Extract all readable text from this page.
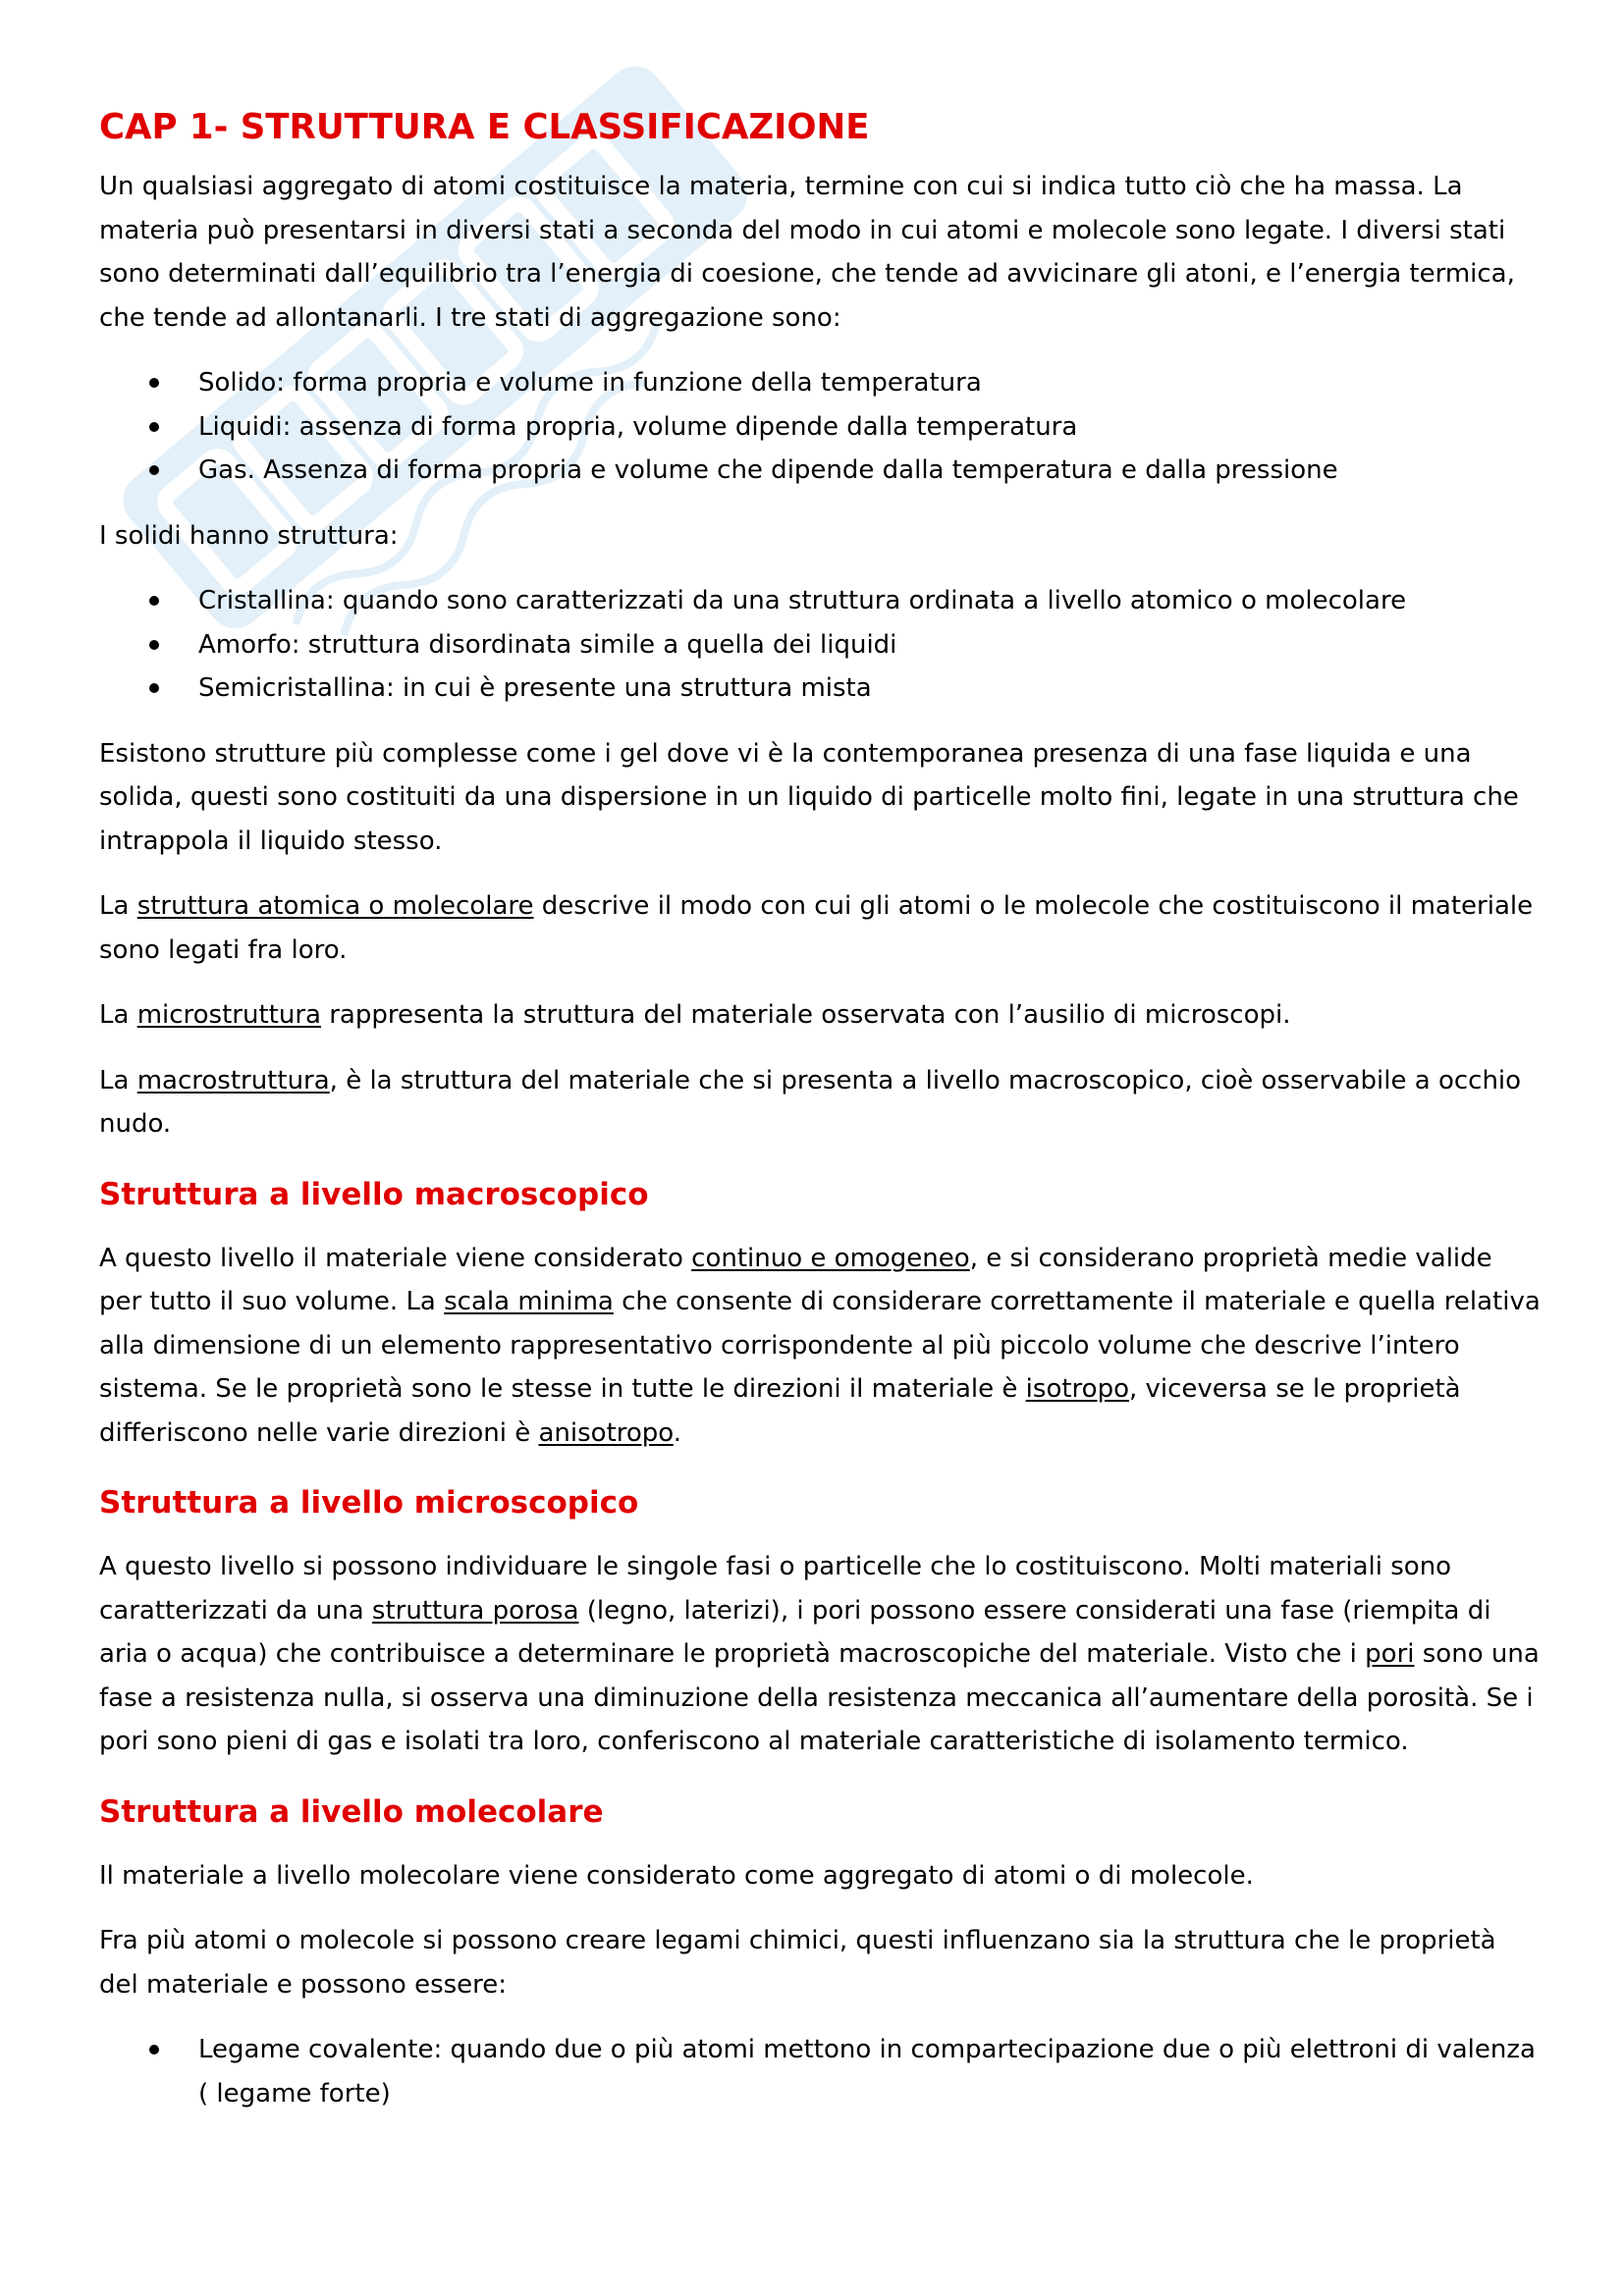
CAP 1- STRUTTURA E CLASSIFICAZIONE

Un qualsiasi aggregato di atomi costituisce la materia, termine con cui si indica tutto ciò che ha massa. La materia può presentarsi in diversi stati a seconda del modo in cui atomi e molecole sono legate. I diversi stati sono determinati dall’equilibrio tra l’energia di coesione, che tende ad avvicinare gli atoni, e l’energia termica, che tende ad allontanarli. I tre stati di aggregazione sono:

Solido: forma propria e volume in funzione della temperatura
Liquidi: assenza di forma propria, volume dipende dalla temperatura
Gas. Assenza di forma propria e volume che dipende dalla temperatura e dalla pressione

I solidi hanno struttura:

Cristallina: quando sono caratterizzati da una struttura ordinata a livello atomico o molecolare
Amorfo: struttura disordinata simile a quella dei liquidi
Semicristallina: in cui è presente una struttura mista

Esistono strutture più complesse come i gel dove vi è la contemporanea presenza di una fase liquida e una solida, questi sono costituiti da una dispersione in un liquido di particelle molto fini, legate in una struttura che intrappola il liquido stesso.

La struttura atomica o molecolare descrive il modo con cui gli atomi o le molecole che costituiscono il materiale sono legati fra loro.

La microstruttura rappresenta la struttura del materiale osservata con l’ausilio di microscopi.

La macrostruttura, è la struttura del materiale che si presenta a livello macroscopico, cioè osservabile a occhio nudo.

Struttura a livello macroscopico

A questo livello il materiale viene considerato continuo e omogeneo, e si considerano proprietà medie valide per tutto il suo volume. La scala minima che consente di considerare correttamente il materiale e quella relativa alla dimensione di un elemento rappresentativo corrispondente al più piccolo volume che descrive l’intero sistema. Se le proprietà sono le stesse in tutte le direzioni il materiale è isotropo, viceversa se le proprietà differiscono nelle varie direzioni è anisotropo.

Struttura a livello microscopico

A questo livello si possono individuare le singole fasi o particelle che lo costituiscono. Molti materiali sono caratterizzati da una struttura porosa (legno, laterizi), i pori possono essere considerati una fase (riempita di aria o acqua) che contribuisce a determinare le proprietà macroscopiche del materiale. Visto che i pori sono una fase a resistenza nulla, si osserva una diminuzione della resistenza meccanica all’aumentare della porosità. Se i pori sono pieni di gas e isolati tra loro, conferiscono al materiale caratteristiche di isolamento termico.

Struttura a livello molecolare

Il materiale a livello molecolare viene considerato come aggregato di atomi o di molecole.

Fra più atomi o molecole si possono creare legami chimici, questi influenzano sia la struttura che le proprietà del materiale e possono essere:

Legame covalente: quando due o più atomi mettono in compartecipazione due o più elettroni di valenza ( legame forte)
